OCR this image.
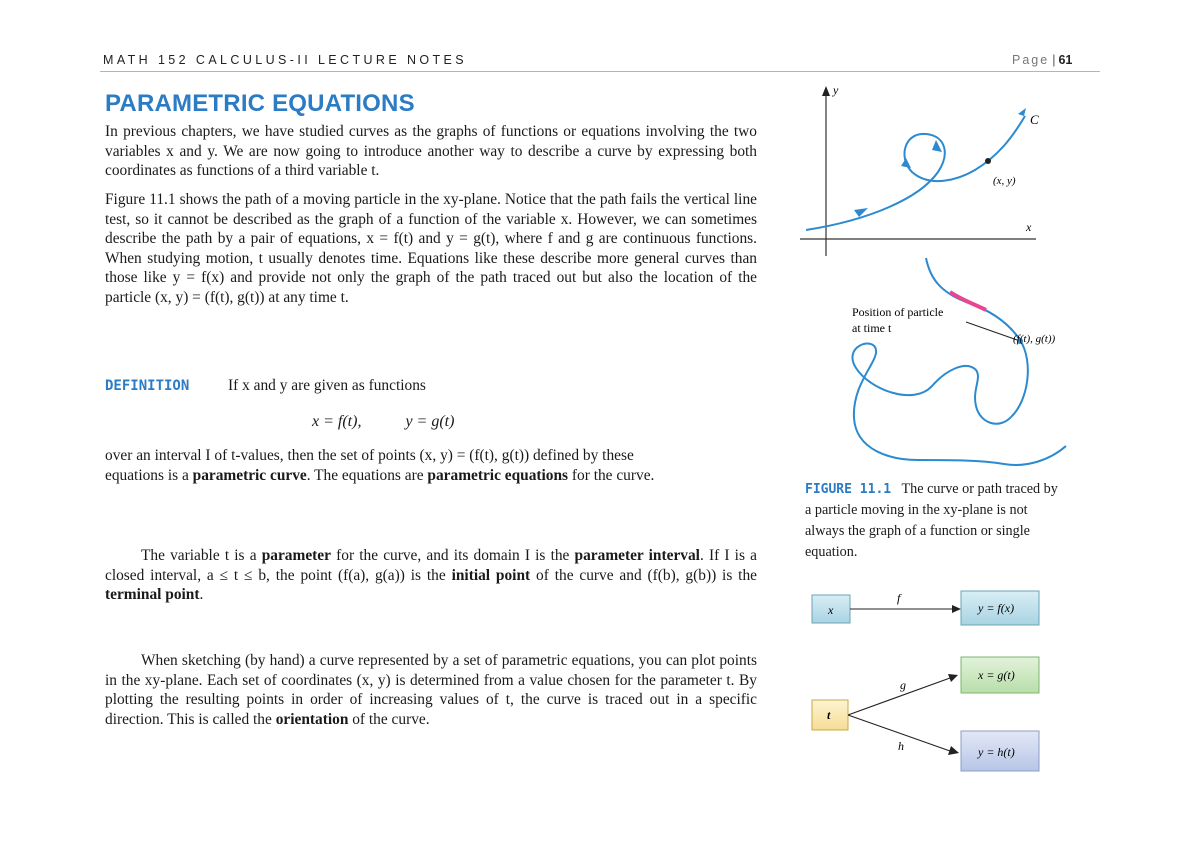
MATH 152 CALCULUS-II LECTURE NOTES	Page | 61
PARAMETRIC EQUATIONS

In previous chapters, we have studied curves as the graphs of functions or equations involving the two variables x and y. We are now going to introduce another way to describe a curve by expressing both coordinates as functions of a third variable t.

Figure 11.1 shows the path of a moving particle in the xy-plane. Notice that the path fails the vertical line test, so it cannot be described as the graph of a function of the variable x. However, we can sometimes describe the path by a pair of equations, x = f(t) and y = g(t), where f and g are continuous functions. When studying motion, t usually denotes time. Equations like these describe more general curves than those like y = f(x) and provide not only the graph of the path traced out but also the location of the particle (x, y) = (f(t), g(t)) at any time t.

DEFINITION	If x and y are given as functions
x = f(t),	y = g(t)

over an interval I of t-values, then the set of points (x, y) = (f(t), g(t)) defined by these equations is a parametric curve. The equations are parametric equations for the curve.

The variable t is a parameter for the curve, and its domain I is the parameter interval. If I is a closed interval, a ≤ t ≤ b, the point (f(a), g(a)) is the initial point of the curve and (f(b), g(b)) is the terminal point.

When sketching (by hand) a curve represented by a set of parametric equations, you can plot points in the xy-plane. Each set of coordinates (x, y) is determined from a value chosen for the parameter t. By plotting the resulting points in order of increasing values of t, the curve is traced out in a specific direction. This is called the orientation of the curve.

y
x
C
(x, y)
Position of particle
at time t
(f(t), g(t))

FIGURE 11.1 The curve or path traced by a particle moving in the xy-plane is not always the graph of a function or single equation.

x
f
y = f(x)
t
g
h
x = g(t)
y = h(t)
